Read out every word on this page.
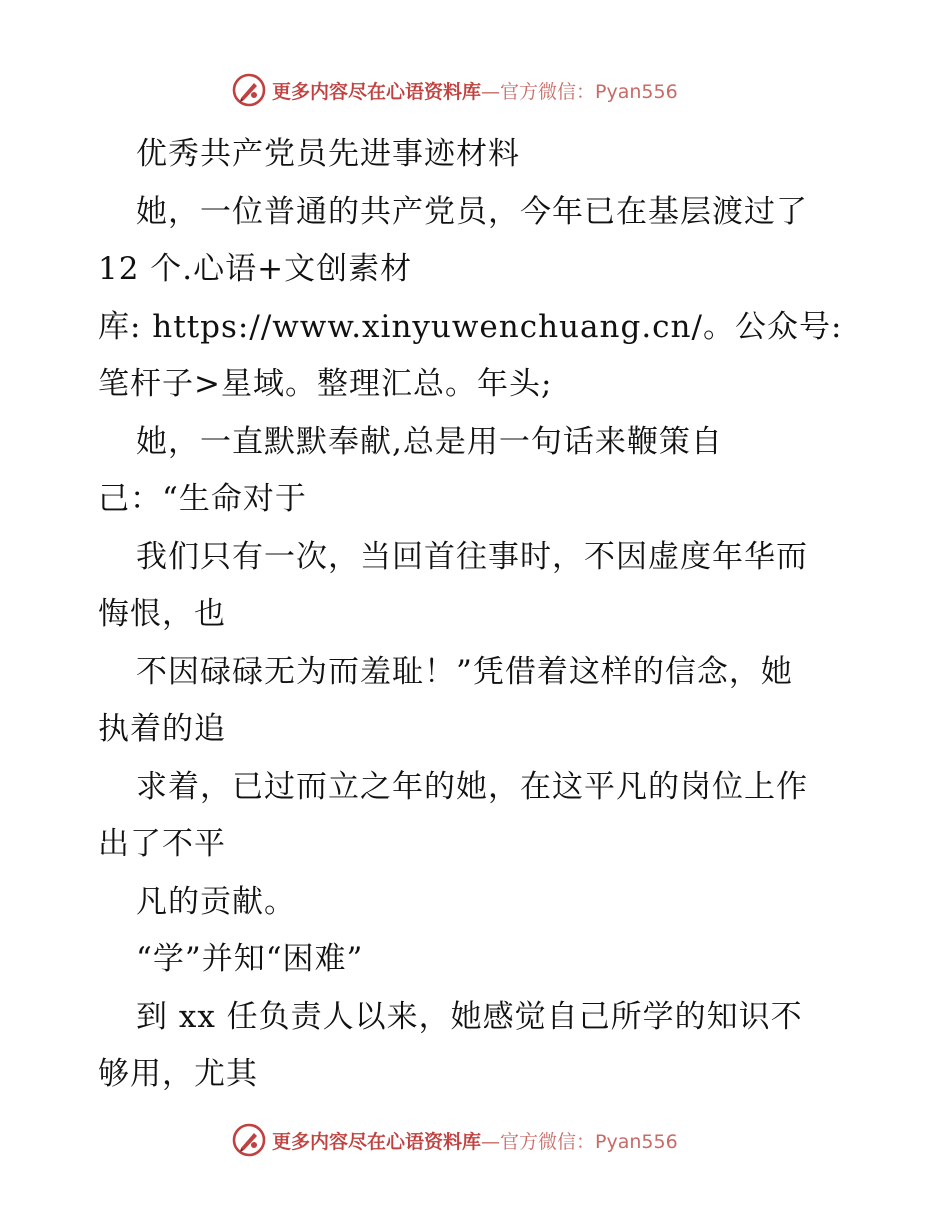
更多内容尽在心语资料库—官方微信：Pyan556
优秀共产党员先进事迹材料
她，一位普通的共产党员，今年已在基层渡过了
12 个.心语+文创素材
库: https://www.xinyuwenchuang.cn/。公众号:
笔杆子>星域。整理汇总。年头;
她，一直默默奉献,总是用一句话来鞭策自
己：“生命对于
我们只有一次，当回首往事时，不因虚度年华而
悔恨，也
不因碌碌无为而羞耻！”凭借着这样的信念，她
执着的追
求着，已过而立之年的她，在这平凡的岗位上作
出了不平
凡的贡献。
“学”并知“困难”
到 xx 任负责人以来，她感觉自己所学的知识不
够用，尤其
更多内容尽在心语资料库—官方微信：Pyan556
